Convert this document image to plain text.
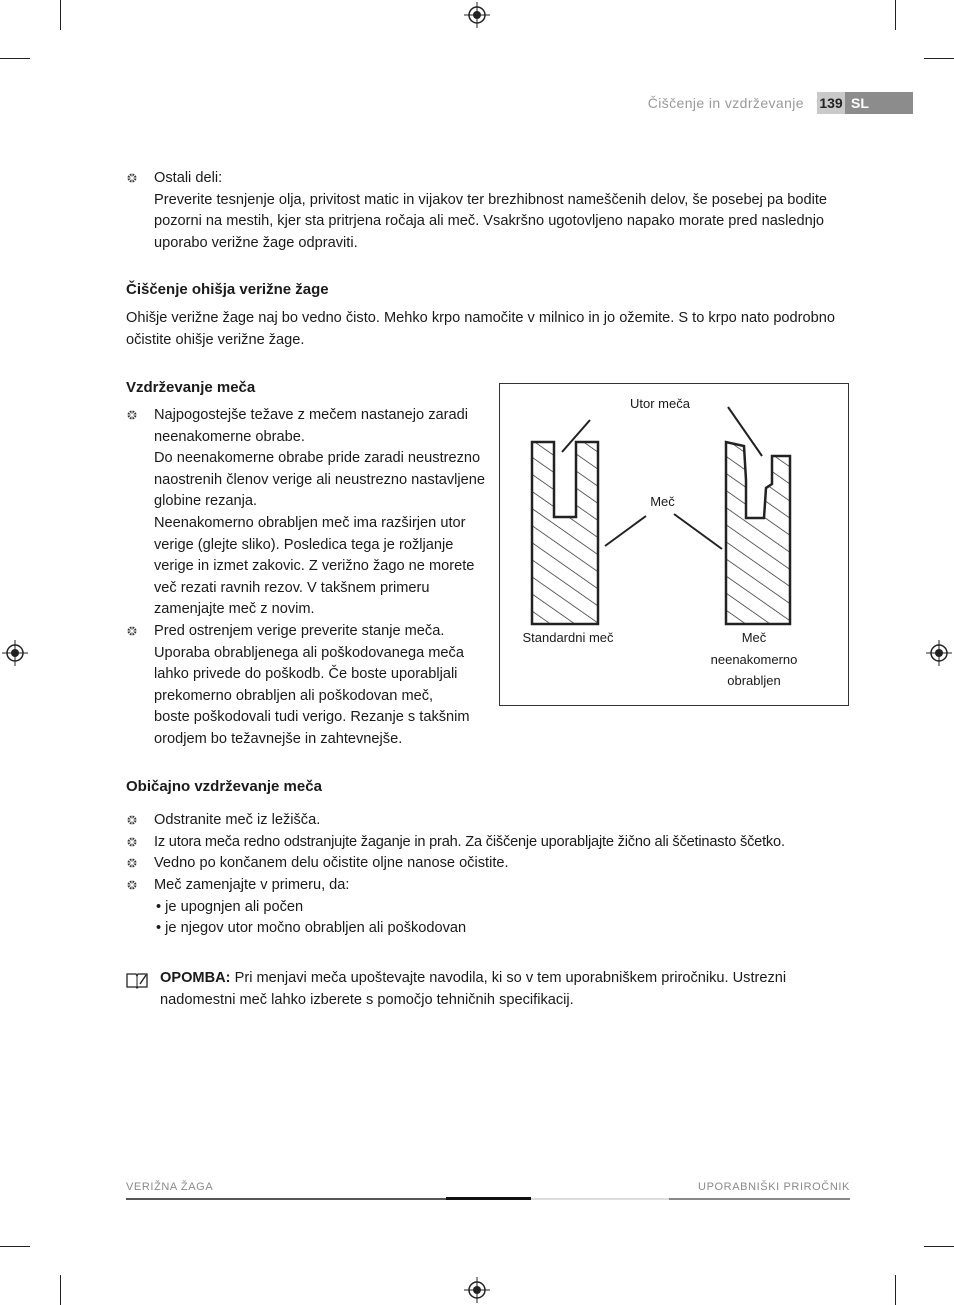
Čiščenje in vzdrževanje 139 SL
Ostali deli:
Preverite tesnjenje olja, privitost matic in vijakov ter brezhibnost nameščenih delov, še posebej pa bodite
pozorni na mestih, kjer sta pritrjena ročaja ali meč. Vsakršno ugotovljeno napako morate pred naslednjo
uporabo verižne žage odpraviti.
Čiščenje ohišja verižne žage
Ohišje verižne žage naj bo vedno čisto. Mehko krpo namočite v milnico in jo ožemite. S to krpo nato podrobno
očistite ohišje verižne žage.
Vzdrževanje meča
Najpogostejše težave z mečem nastanejo zaradi
neenakomerne obrabe.
Do neenakomerne obrabe pride zaradi neustrezno
naostrenih členov verige ali neustrezno nastavljene
globine rezanja.
Neenakomerno obrabljen meč ima razširjen utor
verige (glejte sliko). Posledica tega je rožljanje
verige in izmet zakovic. Z verižno žago ne morete
več rezati ravnih rezov. V takšnem primeru
zamenjajte meč z novim.
Pred ostrenjem verige preverite stanje meča.
Uporaba obrabljenega ali poškodovanega meča
lahko privede do poškodb. Če boste uporabljali
prekomerno obrabljen ali poškodovan meč,
boste poškodovali tudi verigo. Rezanje s takšnim
orodjem bo težavnejše in zahtevnejše.
Utor meča
Meč
Standardni meč	Meč
neenakomerno
obrabljen
Običajno vzdrževanje meča
Odstranite meč iz ležišča.
Iz utora meča redno odstranjujte žaganje in prah. Za čiščenje uporabljajte žično ali ščetinasto ščetko.
Vedno po končanem delu očistite oljne nanose očistite.
Meč zamenjajte v primeru, da:
• je upognjen ali počen
• je njegov utor močno obrabljen ali poškodovan
OPOMBA: Pri menjavi meča upoštevajte navodila, ki so v tem uporabniškem priročniku. Ustrezni
nadomestni meč lahko izberete s pomočjo tehničnih specifikacij.
VERIŽNA ŽAGA	UPORABNIŠKI PRIROČNIK
